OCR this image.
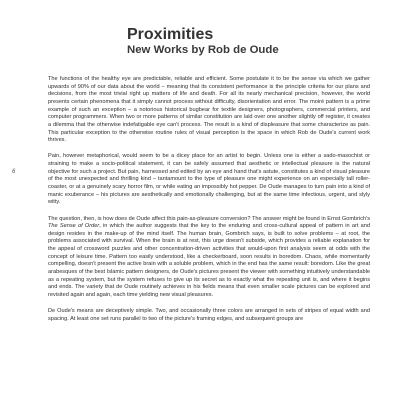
6
Proximities
New Works by Rob de Oude

The functions of the healthy eye are predictable, reliable and efficient. Some postulate it to be the sense via which we gather upwards of 90% of our data about the world – meaning that its consistent performance is the principle criteria for our plans and decisions, from the most trivial right up matters of life and death. For all its nearly mechanical precision, however, the world presents certain phenomena that it simply cannot process without difficulty, disorientation and error. The moiré pattern is a prime example of such an exception – a notorious historical bugbear for textile designers, photographers, commercial printers, and computer programmers. When two or more patterns of similar constitution are laid over one another slightly off register, it creates a dilemma that the otherwise indefatigable eye can't process. The result is a kind of displeasure that some characterize as pain. This particular exception to the otherwise routine rules of visual perception is the space in which Rob de Oude's current work thrives.

Pain, however metaphorical, would seem to be a dicey place for an artist to begin. Unless one is either a sado-masochist or straining to make a socio-political statement, it can be safely assumed that aesthetic or intellectual pleasure is the natural objective for such a project. But pain, harnessed and edited by an eye and hand that's astute, constitutes a kind of visual pleasure of the most unexpected and thrilling kind – tantamount to the type of pleasure one might experience on an especially tall roller-coaster, or at a genuinely scary horror film, or while eating an impossibly hot pepper. De Oude manages to turn pain into a kind of manic exuberance – his pictures are aesthetically and emotionally challenging, but at the same time infectious, urgent, and slyly witty.

The question, then, is how does de Oude affect this pain-as-pleasure conversion? The answer might be found in Ernst Gombrich's The Sense of Order, in which the author suggests that the key to the enduring and cross-cultural appeal of pattern in art and design resides in the make-up of the mind itself. The human brain, Gombrich says, is built to solve problems – at root, the problems associated with survival. When the brain is at rest, this urge doesn't subside, which provides a reliable explanation for the appeal of crossword puzzles and other concentration-driven activities that would-upon first analysis seem at odds with the concept of leisure time. Pattern too easily understood, like a checkerboard, soon results in boredom. Chaos, while momentarily compelling, doesn't present the active brain with a soluble problem, which in the end has the same result: boredom. Like the great arabesques of the best Islamic pattern designers, de Oude's pictures present the viewer with something intuitively understandable as a repeating system, but the system refuses to give up its secret as to exactly what the repeating unit is, and where it begins and ends. The variety that de Oude routinely achieves in his fields means that even smaller scale pictures can be explored and revisited again and again, each time yielding new visual pleasures.

De Oude's means are deceptively simple. Two, and occasionally three colors are arranged in sets of stripes of equal width and spacing. At least one set runs parallel to two of the picture's framing edges, and subsequent groups are
